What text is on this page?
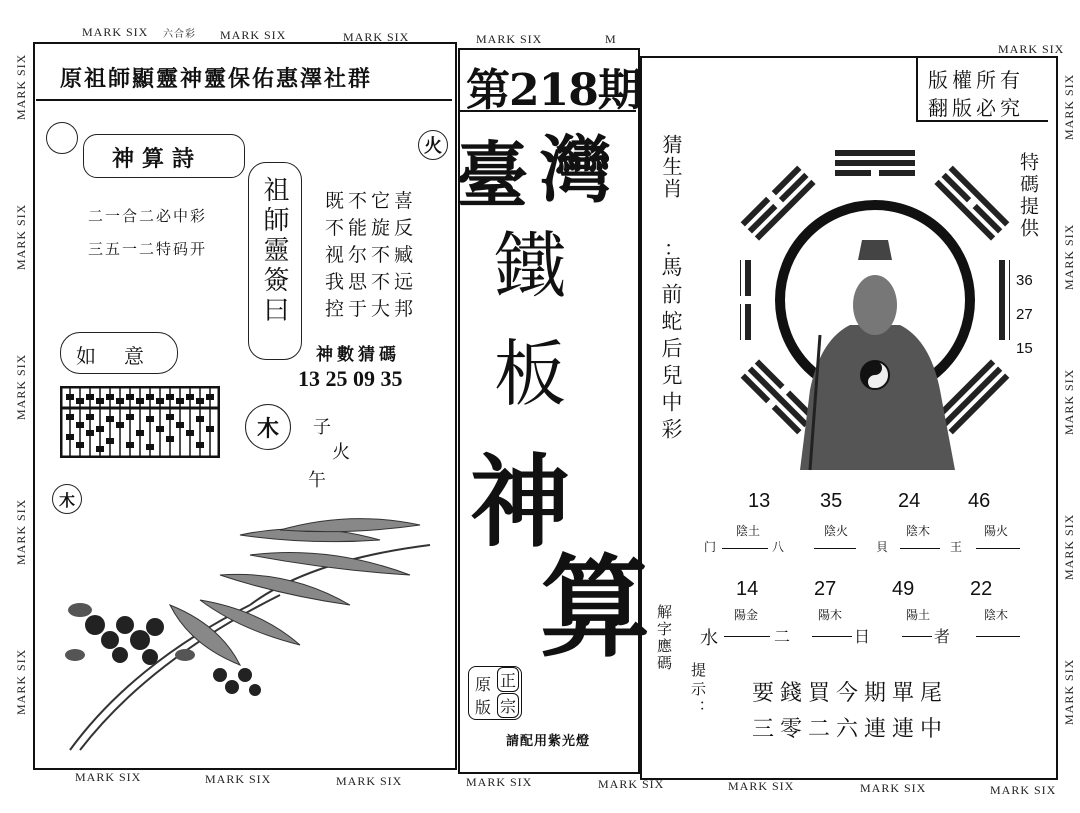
MARK SIX 六合彩 MARK SIX	MARK SIX	MARK SIX	M
MARK SIX
MARK SIX	MARK SIX	MARK SIX	MARK SIX	MARK SIX	MARK SIX	MARK SIX	MARK SIX
MARK SIX
MARK SIX
MARK SIX
MARK SIX
MARK SIX
MARK SIX
MARK SIX
MARK SIX
MARK SIX
MARK SIX
原祖師顯靈神靈保佑惠澤社群
神算詩	火
二一合二必中彩
三五一二特码开 祖師靈簽曰 既不它喜
不能旋反
视尔不臧
我思不远
控于大邦
如　意	神數猜碼
13 25 09 35
木	子
火
午
木
第218期
臺 灣
鐵
板
神
算
原 正
版 宗
請配用紫光燈
版權所有
翻版必究
猜生肖
：
馬前蛇后兒中彩
特碼提供
36
27
15
13 35	24 46
陰土	陰火	陰木	陽火
门	八	貝	王
14	27	49	22
陽金	陽木	陽土	陰木
水	二	日	者
解字應碼
提示： 要錢買今期單尾
三零二六連連中
